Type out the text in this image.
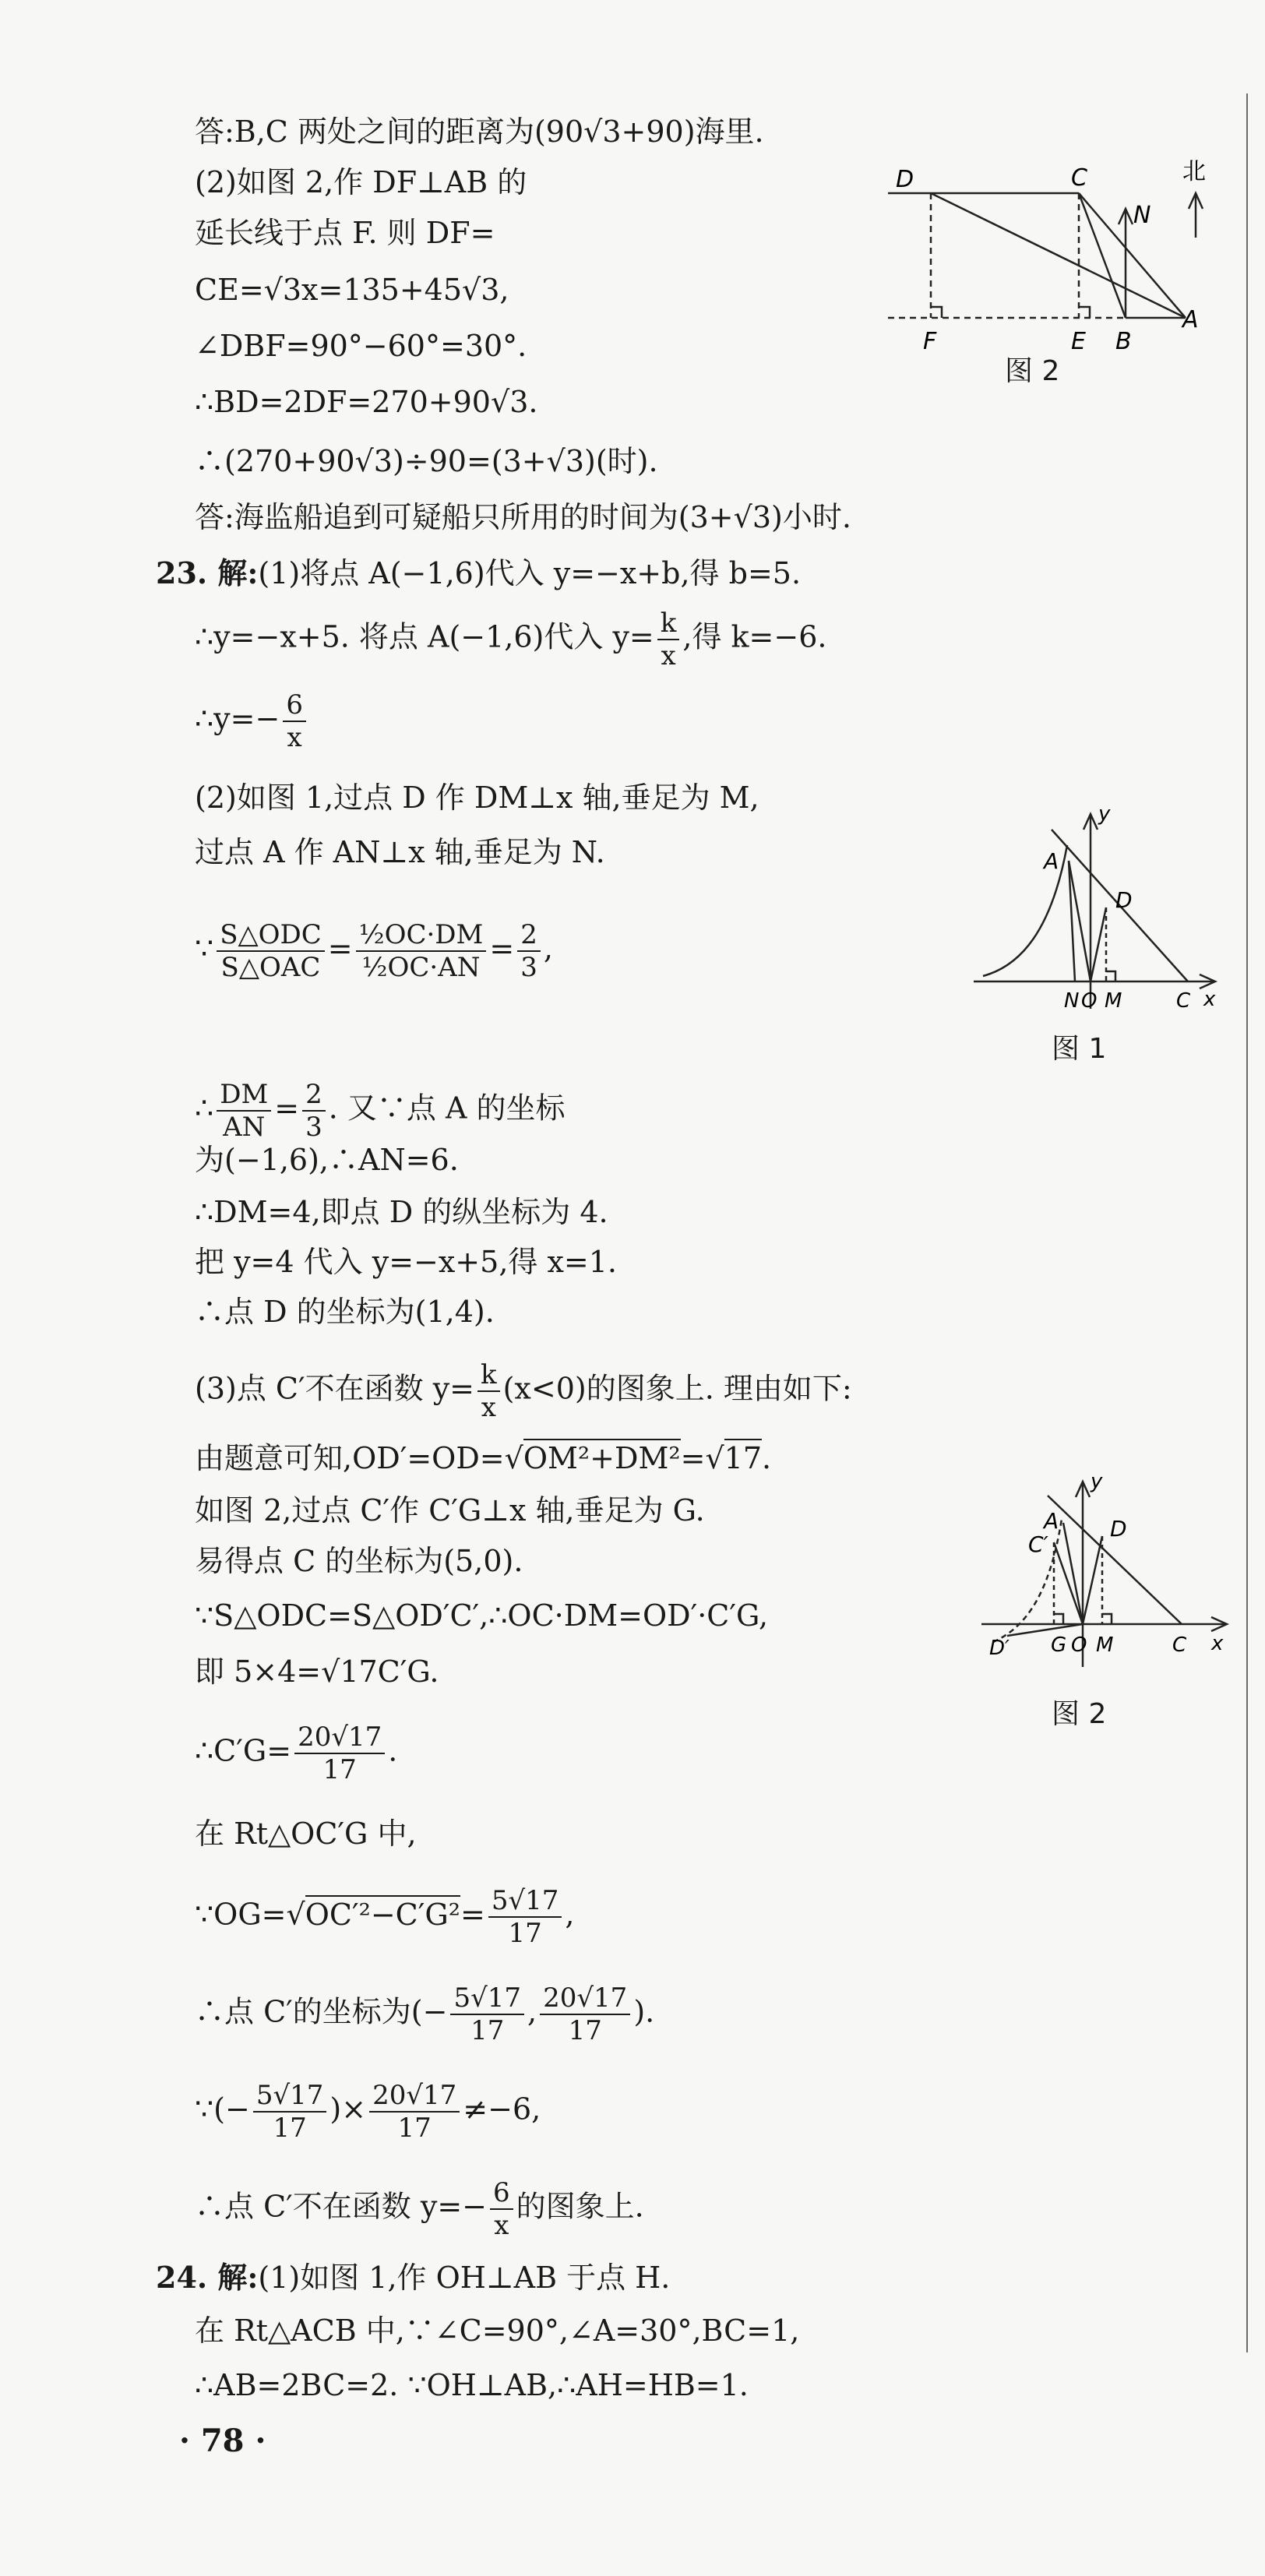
D	C
N
北
F	E B
A
图 2
y
A
D
N O M	C x
图 1
y
A
C′
D
D′ G O M	C x
图 2
答:B,C 两处之间的距离为(90√3+90)海里.
(2)如图 2,作 DF⊥AB 的
延长线于点 F. 则 DF=
CE=√3x=135+45√3,
∠DBF=90°−60°=30°.
∴BD=2DF=270+90√3.
∴(270+90√3)÷90=(3+√3)(时).
答:海监船追到可疑船只所用的时间为(3+√3)小时.
23. 解:(1)将点 A(−1,6)代入 y=−x+b,得 b=5.
∴y=−x+5. 将点 A(−1,6)代入 $y= \frac{k}{x}$ ,得 k=−6.
∴y=− $\frac{6}{x}$
(2)如图 1,过点 D 作 DM⊥x 轴,垂足为 M,
过点 A 作 AN⊥x 轴,垂足为 N.
∵ $\frac{\text{S△ODC}}{\text{S△OAC}} = \frac{\text{½OC·DM}}{\text{½OC·AN}} = \frac{2}{3}$ ,
∴ $\frac{DM}{AN} = \frac{2}{3}$ . 又∵点 A 的坐标
为(−1,6),∴AN=6.
∴DM=4,即点 D 的纵坐标为 4.
把 y=4 代入 y=−x+5,得 x=1.
∴点 D 的坐标为(1,4).
(3)点 C′不在函数 $y= \frac{k}{x} (x<0)$的图象上. 理由如下:
由题意可知,OD′=OD=√OM²+DM²=√17.
如图 2,过点 C′作 C′G⊥x 轴,垂足为 G.
易得点 C 的坐标为(5,0).
∵S△ODC=S△OD′C′,∴OC·DM=OD′·C′G,
即 5×4=√17C′G.
∴C′G= $\frac{20√17}{17}$ .
在 Rt△OC′G 中,
∵OG=√OC′²−C′G²= $\frac{5√17}{17}$ ,
∴点 C′的坐标为(− $\frac{5√17}{17}$ , $\frac{20√17}{17}$ ).
∵(− $\frac{5√17}{17}$ )× $\frac{20√17}{17} \ne-6$,
∴点 C′不在函数 $y=- \frac{6}{x}$ 的图象上.
24. 解:(1)如图 1,作 OH⊥AB 于点 H.
在 Rt△ACB 中,∵∠C=90°,∠A=30°,BC=1,
∴AB=2BC=2. ∵OH⊥AB,∴AH=HB=1.
· 78 ·
